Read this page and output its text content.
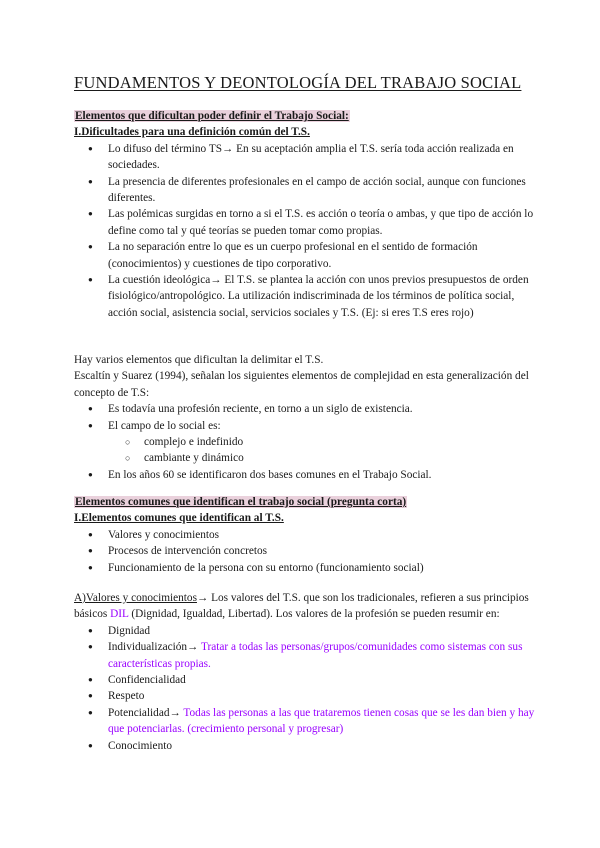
FUNDAMENTOS Y DEONTOLOGÍA DEL TRABAJO SOCIAL
Elementos que dificultan poder definir el Trabajo Social:
I.Dificultades para una definición común del T.S.
● Lo difuso del término TS→ En su aceptación amplia el T.S. sería toda acción realizada en sociedades.
● La presencia de diferentes profesionales en el campo de acción social, aunque con funciones diferentes.
● Las polémicas surgidas en torno a si el T.S. es acción o teoría o ambas, y que tipo de acción lo define como tal y qué teorías se pueden tomar como propias.
● La no separación entre lo que es un cuerpo profesional en el sentido de formación (conocimientos) y cuestiones de tipo corporativo.
● La cuestión ideológica→ El T.S. se plantea la acción con unos previos presupuestos de orden fisiológico/antropológico. La utilización indiscriminada de los términos de política social, acción social, asistencia social, servicios sociales y T.S. (Ej: si eres T.S eres rojo)

Hay varios elementos que dificultan la delimitar el T.S.

Escaltín y Suarez (1994), señalan los siguientes elementos de complejidad en esta generalización del concepto de T.S:

● Es todavía una profesión reciente, en torno a un siglo de existencia.
● El campo de lo social es:
○ complejo e indefinido
○ cambiante y dinámico
● En los años 60 se identificaron dos bases comunes en el Trabajo Social.
Elementos comunes que identifican el trabajo social (pregunta corta)
I.Elementos comunes que identifican al T.S.
● Valores y conocimientos
● Procesos de intervención concretos
● Funcionamiento de la persona con su entorno (funcionamiento social)

A)Valores y conocimientos→ Los valores del T.S. que son los tradicionales, refieren a sus principios básicos DIL (Dignidad, Igualdad, Libertad). Los valores de la profesión se pueden resumir en:

● Dignidad
● Individualización→ Tratar a todas las personas/grupos/comunidades como sistemas con sus características propias.
● Confidencialidad
● Respeto
● Potencialidad→ Todas las personas a las que trataremos tienen cosas que se les dan bien y hay que potenciarlas. (crecimiento personal y progresar)
● Conocimiento
